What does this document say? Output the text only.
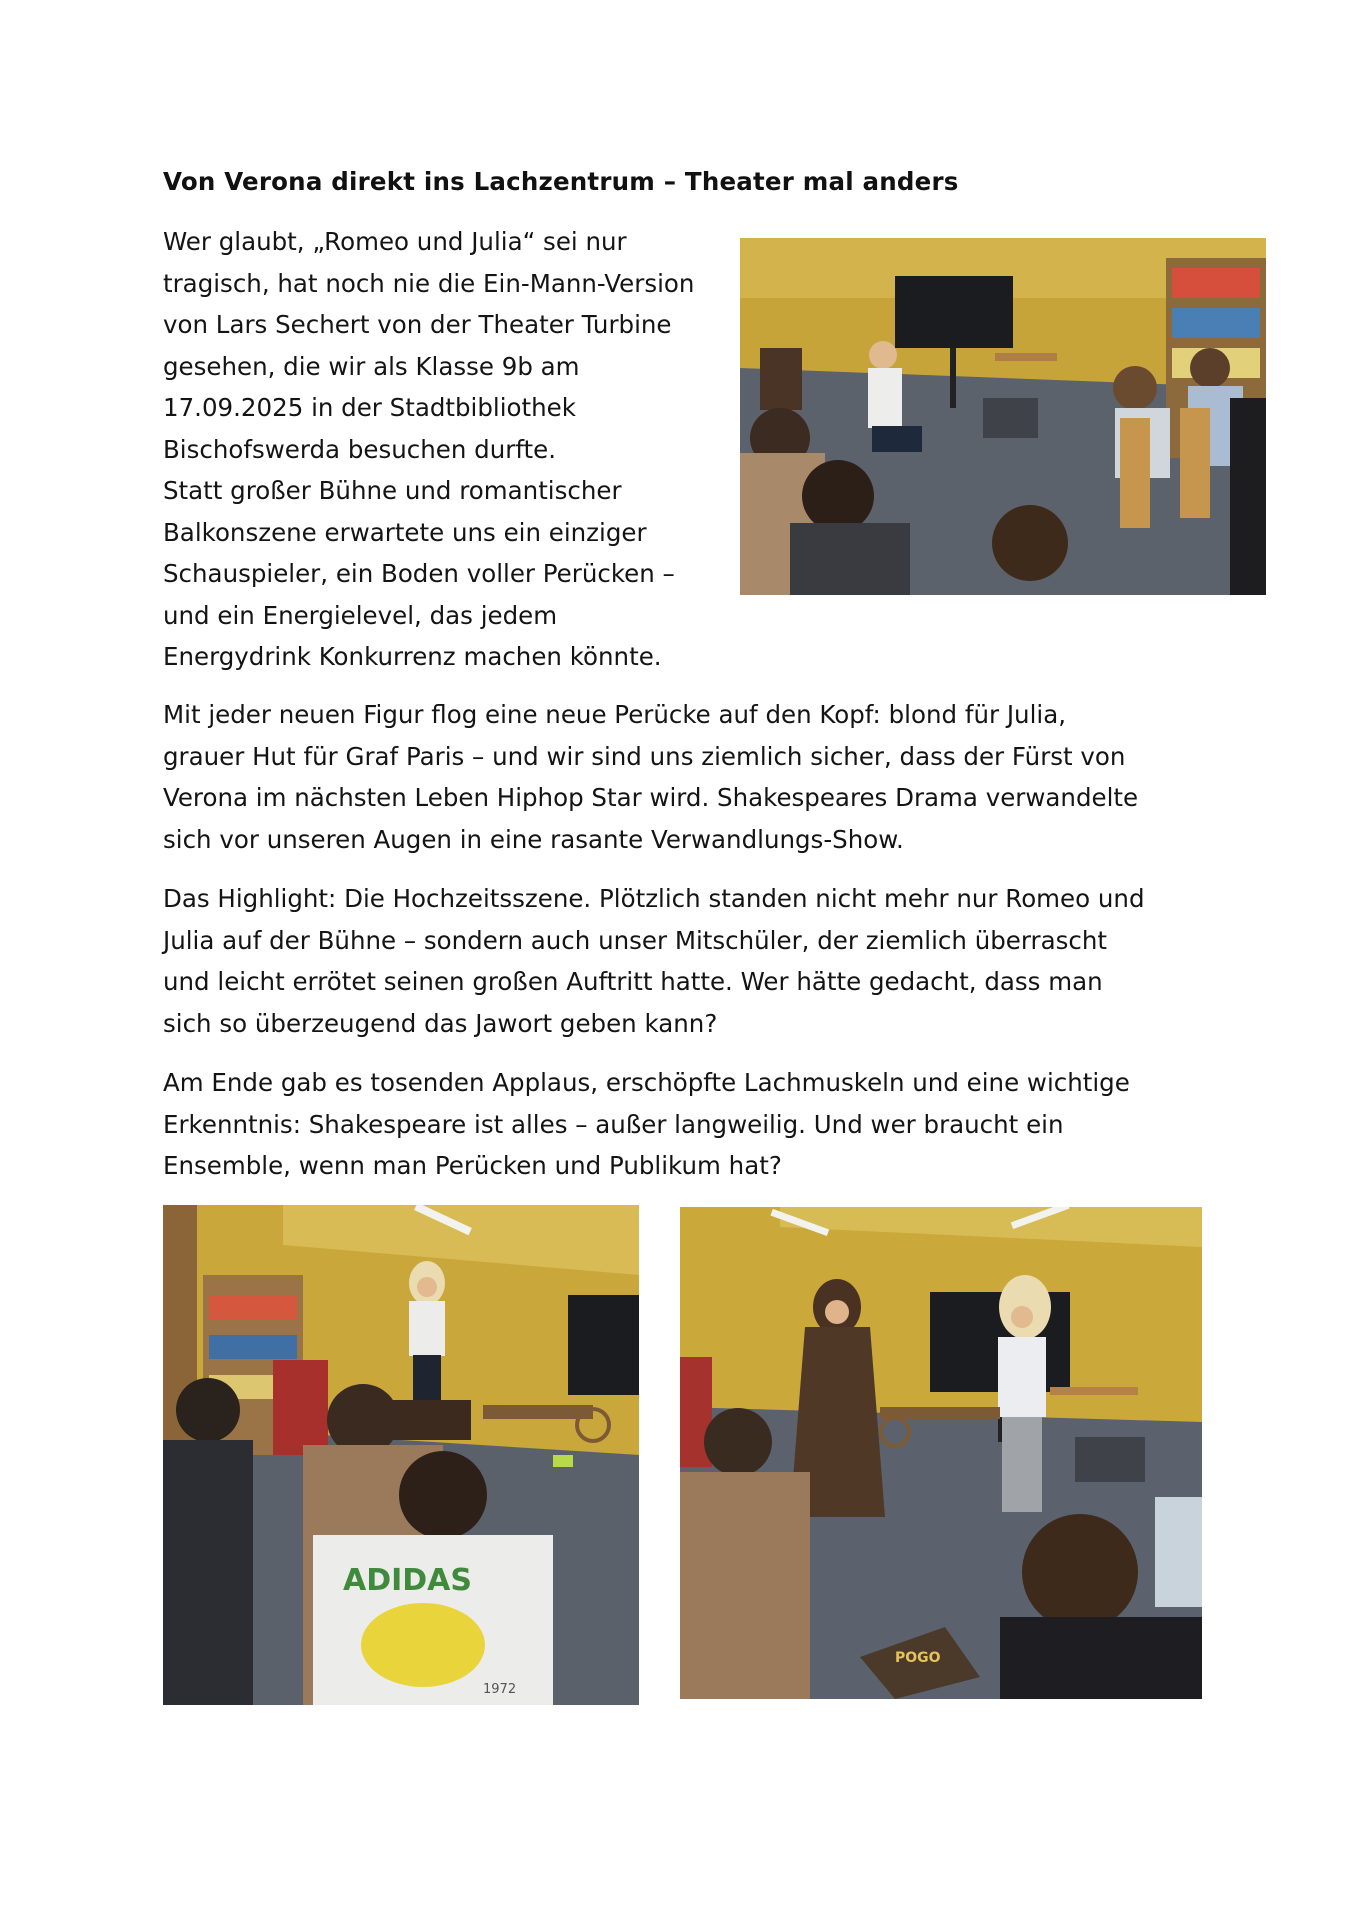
Von Verona direkt ins Lachzentrum – Theater mal anders
Wer glaubt, „Romeo und Julia“ sei nur
tragisch, hat noch nie die Ein-Mann-Version
von Lars Sechert von der Theater Turbine
gesehen, die wir als Klasse 9b am
17.09.2025 in der Stadtbibliothek
Bischofswerda besuchen durfte.
Statt großer Bühne und romantischer
Balkonszene erwartete uns ein einziger
Schauspieler, ein Boden voller Perücken –
und ein Energielevel, das jedem
Energydrink Konkurrenz machen könnte.
Mit jeder neuen Figur flog eine neue Perücke auf den Kopf: blond für Julia,
grauer Hut für Graf Paris – und wir sind uns ziemlich sicher, dass der Fürst von
Verona im nächsten Leben Hiphop Star wird. Shakespeares Drama verwandelte
sich vor unseren Augen in eine rasante Verwandlungs-Show.
Das Highlight: Die Hochzeitsszene. Plötzlich standen nicht mehr nur Romeo und
Julia auf der Bühne – sondern auch unser Mitschüler, der ziemlich überrascht
und leicht errötet seinen großen Auftritt hatte. Wer hätte gedacht, dass man
sich so überzeugend das Jawort geben kann?
Am Ende gab es tosenden Applaus, erschöpfte Lachmuskeln und eine wichtige
Erkenntnis: Shakespeare ist alles – außer langweilig. Und wer braucht ein
Ensemble, wenn man Perücken und Publikum hat?
ADIDAS
1972
POGO
